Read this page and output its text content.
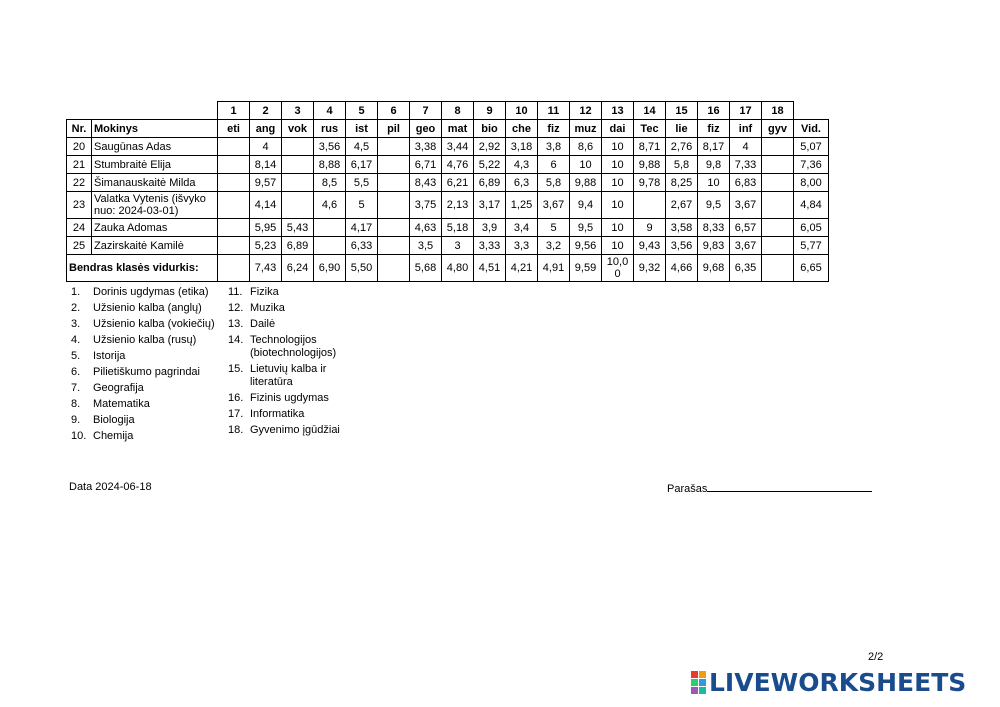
		1	2	3	4	5	6	7	8	9	10	11	12	13	14	15	16	17	18	
Nr.	Mokinys	eti	ang	vok	rus	ist	pil	geo	mat	bio	che	fiz	muz	dai	Tec	lie	fiz	inf	gyv	Vid.
20	Saugūnas Adas		4		3,56	4,5		3,38	3,44	2,92	3,18	3,8	8,6	10	8,71	2,76	8,17	4		5,07
21	Stumbraitė Elija		8,14		8,88	6,17		6,71	4,76	5,22	4,3	6	10	10	9,88	5,8	9,8	7,33		7,36
22	Šimanauskaitė Milda		9,57		8,5	5,5		8,43	6,21	6,89	6,3	5,8	9,88	10	9,78	8,25	10	6,83		8,00
23	Valatka Vytenis (išvyko nuo: 2024-03-01)		4,14		4,6	5		3,75	2,13	3,17	1,25	3,67	9,4	10		2,67	9,5	3,67		4,84
24	Zauka Adomas		5,95	5,43		4,17		4,63	5,18	3,9	3,4	5	9,5	10	9	3,58	8,33	6,57		6,05
25	Zazirskaitė Kamilė		5,23	6,89		6,33		3,5	3	3,33	3,3	3,2	9,56	10	9,43	3,56	9,83	3,67		5,77
Bendras klasės vidurkis:			7,43	6,24	6,90	5,50		5,68	4,80	4,51	4,21	4,91	9,59	10,0 0	9,32	4,66	9,68	6,35		6,65
1.	Dorinis ugdymas (etika)
2.	Užsienio kalba (anglų)
3.	Užsienio kalba (vokiečių)
4.	Užsienio kalba (rusų)
5.	Istorija
6.	Pilietiškumo pagrindai
7.	Geografija
8.	Matematika
9.	Biologija
10. Chemija
11. Fizika
12. Muzika
13. Dailė
14. Technologijos (biotechnologijos)
15. Lietuvių kalba ir literatūra
16. Fizinis ugdymas
17. Informatika
18. Gyvenimo įgūdžiai
Data 2024-06-18	Parašas
2/2
LIVEWORKSHEETS
